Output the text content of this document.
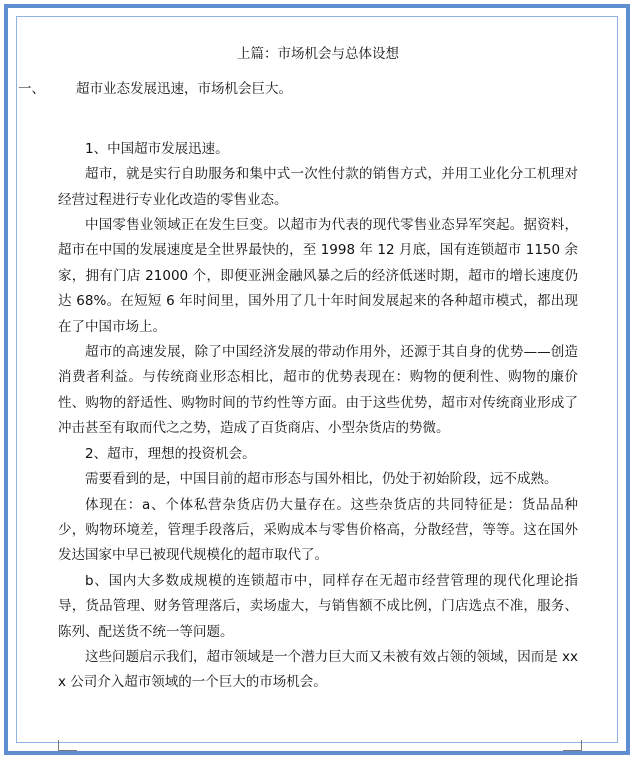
上篇：市场机会与总体设想
一、 超市业态发展迅速，市场机会巨大。

1、中国超市发展迅速。

超市，就是实行自助服务和集中式一次性付款的销售方式，并用工业化分工机理对经营过程进行专业化改造的零售业态。

中国零售业领域正在发生巨变。以超市为代表的现代零售业态异军突起。据资料，超市在中国的发展速度是全世界最快的，至 1998 年 12 月底，国有连锁超市 1150 余家，拥有门店 21000 个，即便亚洲金融风暴之后的经济低迷时期，超市的增长速度仍达 68%。在短短 6 年时间里，国外用了几十年时间发展起来的各种超市模式，都出现在了中国市场上。

超市的高速发展，除了中国经济发展的带动作用外，还源于其自身的优势——创造消费者利益。与传统商业形态相比，超市的优势表现在：购物的便利性、购物的廉价性、购物的舒适性、购物时间的节约性等方面。由于这些优势，超市对传统商业形成了冲击甚至有取而代之之势，造成了百货商店、小型杂货店的势微。

2、超市，理想的投资机会。

需要看到的是，中国目前的超市形态与国外相比，仍处于初始阶段，远不成熟。

体现在：a、个体私营杂货店仍大量存在。这些杂货店的共同特征是：货品品种少，购物环境差，管理手段落后，采购成本与零售价格高，分散经营，等等。这在国外发达国家中早已被现代规模化的超市取代了。

b、国内大多数成规模的连锁超市中，同样存在无超市经营管理的现代化理论指导，货品管理、财务管理落后，卖场虚大，与销售额不成比例，门店选点不准，服务、陈列、配送货不统一等问题。

这些问题启示我们，超市领域是一个潜力巨大而又未被有效占领的领域，因而是 xxx 公司介入超市领域的一个巨大的市场机会。
